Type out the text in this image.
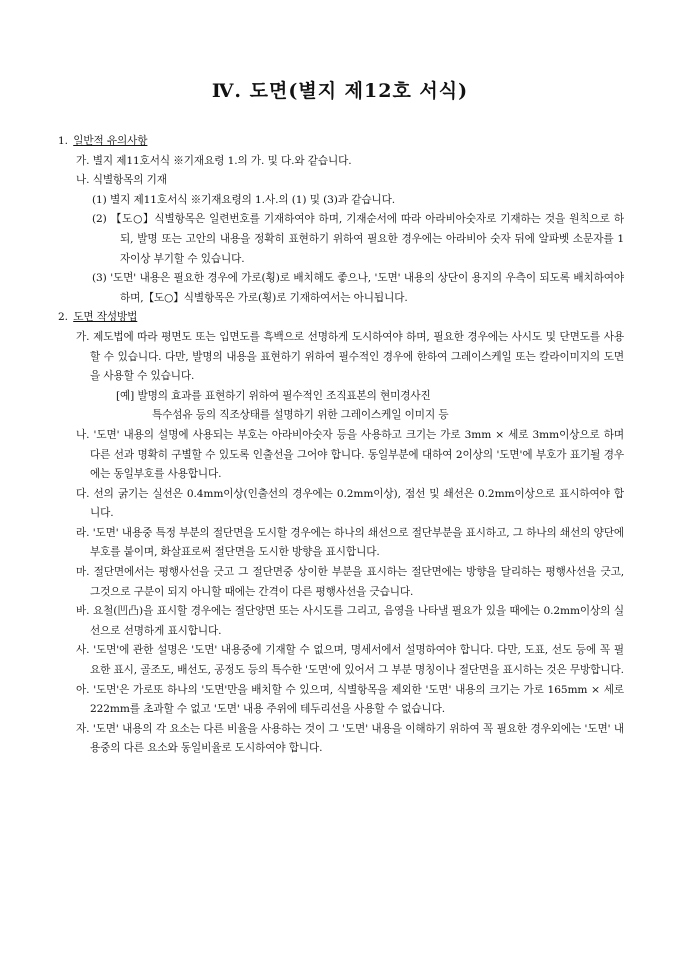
Ⅳ. 도면(별지 제12호 서식)
1. 일반적 유의사항
가. 별지 제11호서식 ※기재요령 1.의 가. 및 다.와 같습니다.
나. 식별항목의 기재
(1) 별지 제11호서식 ※기재요령의 1.사.의 (1) 및 (3)과 같습니다.
(2) 【도○】식별항목은 일련번호를 기재하여야 하며, 기재순서에 따라 아라비아숫자로 기재하는 것을 원칙으로 하되, 발명 또는 고안의 내용을 정확히 표현하기 위하여 필요한 경우에는 아라비아 숫자 뒤에 알파벳 소문자를 1자이상 부기할 수 있습니다.
(3) '도면' 내용은 필요한 경우에 가로(횡)로 배치해도 좋으나, '도면' 내용의 상단이 용지의 우측이 되도록 배치하여야 하며,【도○】식별항목은 가로(횡)로 기재하여서는 아니됩니다.
2. 도면 작성방법
가. 제도법에 따라 평면도 또는 입면도를 흑백으로 선명하게 도시하여야 하며, 필요한 경우에는 사시도 및 단면도를 사용할 수 있습니다. 다만, 발명의 내용을 표현하기 위하여 필수적인 경우에 한하여 그레이스케일 또는 칼라이미지의 도면을 사용할 수 있습니다.
[예] 발명의 효과를 표현하기 위하여 필수적인 조직표본의 현미경사진
특수섬유 등의 직조상태를 설명하기 위한 그레이스케일 이미지 등
나. '도면' 내용의 설명에 사용되는 부호는 아라비아숫자 등을 사용하고 크기는 가로 3mm × 세로 3mm이상으로 하며 다른 선과 명확히 구별할 수 있도록 인출선을 그어야 합니다. 동일부분에 대하여 2이상의 '도면'에 부호가 표기될 경우에는 동일부호를 사용합니다.
다. 선의 굵기는 실선은 0.4mm이상(인출선의 경우에는 0.2mm이상), 점선 및 쇄선은 0.2mm이상으로 표시하여야 합니다.
라. '도면' 내용중 특정 부분의 절단면을 도시할 경우에는 하나의 쇄선으로 절단부분을 표시하고, 그 하나의 쇄선의 양단에 부호를 붙이며, 화살표로써 절단면을 도시한 방향을 표시합니다.
마. 절단면에서는 평행사선을 긋고 그 절단면중 상이한 부분을 표시하는 절단면에는 방향을 달리하는 평행사선을 긋고, 그것으로 구분이 되지 아니할 때에는 간격이 다른 평행사선을 긋습니다.
바. 요철(凹凸)을 표시할 경우에는 절단양면 또는 사시도를 그리고, 음영을 나타낼 필요가 있을 때에는 0.2mm이상의 실선으로 선명하게 표시합니다.
사. '도면'에 관한 설명은 '도면' 내용중에 기재할 수 없으며, 명세서에서 설명하여야 합니다. 다만, 도표, 선도 등에 꼭 필요한 표시, 골조도, 배선도, 공정도 등의 특수한 '도면'에 있어서 그 부분 명칭이나 절단면을 표시하는 것은 무방합니다.
아. '도면'은 가로또 하나의 '도면'만을 배치할 수 있으며, 식별항목을 제외한 '도면' 내용의 크기는 가로 165mm × 세로 222mm를 초과할 수 없고 '도면' 내용 주위에 테두리선을 사용할 수 없습니다.
자. '도면' 내용의 각 요소는 다른 비율을 사용하는 것이 그 '도면' 내용을 이해하기 위하여 꼭 필요한 경우외에는 '도면' 내용중의 다른 요소와 동일비율로 도시하여야 합니다.
